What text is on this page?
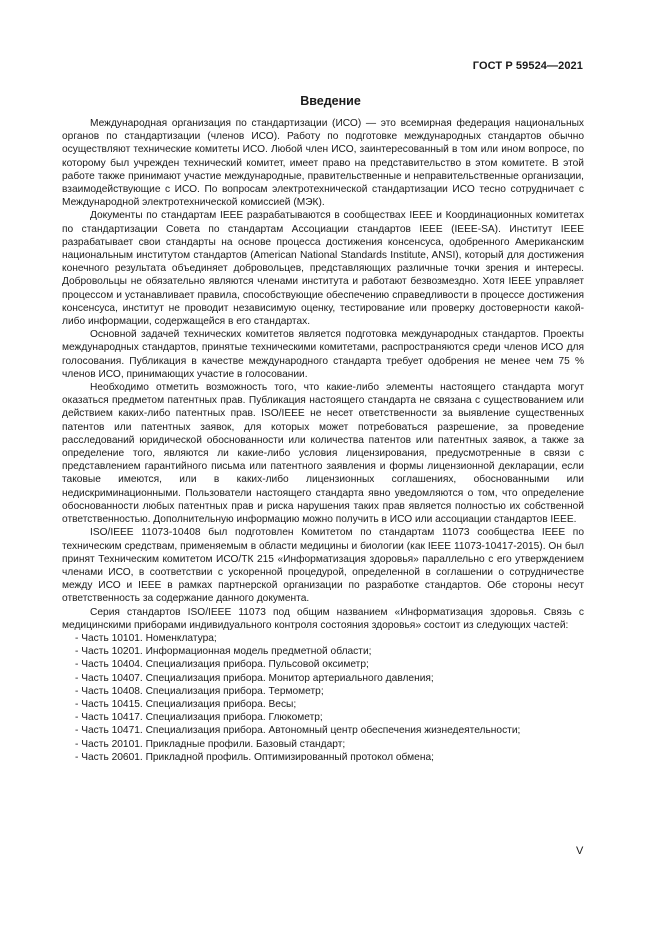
ГОСТ Р 59524—2021
Введение

Международная организация по стандартизации (ИСО) — это всемирная федерация национальных органов по стандартизации (членов ИСО). Работу по подготовке международных стандартов обычно осуществляют технические комитеты ИСО. Любой член ИСО, заинтересованный в том или ином вопросе, по которому был учрежден технический комитет, имеет право на представительство в этом комитете. В этой работе также принимают участие международные, правительственные и неправительственные организации, взаимодействующие с ИСО. По вопросам электротехнической стандартизации ИСО тесно сотрудничает с Международной электротехнической комиссией (МЭК).

Документы по стандартам IEEE разрабатываются в сообществах IEEE и Координационных комитетах по стандартизации Совета по стандартам Ассоциации стандартов IEEE (IEEE-SA). Институт IEEE разрабатывает свои стандарты на основе процесса достижения консенсуса, одобренного Американским национальным институтом стандартов (American National Standards Institute, ANSI), который для достижения конечного результата объединяет добровольцев, представляющих различные точки зрения и интересы. Добровольцы не обязательно являются членами института и работают безвозмездно. Хотя IEEE управляет процессом и устанавливает правила, способствующие обеспечению справедливости в процессе достижения консенсуса, институт не проводит независимую оценку, тестирование или проверку достоверности какой-либо информации, содержащейся в его стандартах.

Основной задачей технических комитетов является подготовка международных стандартов. Проекты международных стандартов, принятые техническими комитетами, распространяются среди членов ИСО для голосования. Публикация в качестве международного стандарта требует одобрения не менее чем 75 % членов ИСО, принимающих участие в голосовании.

Необходимо отметить возможность того, что какие-либо элементы настоящего стандарта могут оказаться предметом патентных прав. Публикация настоящего стандарта не связана с существованием или действием каких-либо патентных прав. ISO/IEEE не несет ответственности за выявление существенных патентов или патентных заявок, для которых может потребоваться разрешение, за проведение расследований юридической обоснованности или количества патентов или патентных заявок, а также за определение того, являются ли какие-либо условия лицензирования, предусмотренные в связи с представлением гарантийного письма или патентного заявления и формы лицензионной декларации, если таковые имеются, или в каких-либо лицензионных соглашениях, обоснованными или недискриминационными. Пользователи настоящего стандарта явно уведомляются о том, что определение обоснованности любых патентных прав и риска нарушения таких прав является полностью их собственной ответственностью. Дополнительную информацию можно получить в ИСО или ассоциации стандартов IEEE.

ISO/IEEE 11073-10408 был подготовлен Комитетом по стандартам 11073 сообщества IEEE по техническим средствам, применяемым в области медицины и биологии (как IEEE 11073-10417-2015). Он был принят Техническим комитетом ИСО/ТК 215 «Информатизация здоровья» параллельно с его утверждением членами ИСО, в соответствии с ускоренной процедурой, определенной в соглашении о сотрудничестве между ИСО и IEEE в рамках партнерской организации по разработке стандартов. Обе стороны несут ответственность за содержание данного документа.

Серия стандартов ISO/IEEE 11073 под общим названием «Информатизация здоровья. Связь с медицинскими приборами индивидуального контроля состояния здоровья» состоит из следующих частей:

- Часть 10101. Номенклатура;
- Часть 10201. Информационная модель предметной области;
- Часть 10404. Специализация прибора. Пульсовой оксиметр;
- Часть 10407. Специализация прибора. Монитор артериального давления;
- Часть 10408. Специализация прибора. Термометр;
- Часть 10415. Специализация прибора. Весы;
- Часть 10417. Специализация прибора. Глюкометр;
- Часть 10471. Специализация прибора. Автономный центр обеспечения жизнедеятельности;
- Часть 20101. Прикладные профили. Базовый стандарт;
- Часть 20601. Прикладной профиль. Оптимизированный протокол обмена;
V
